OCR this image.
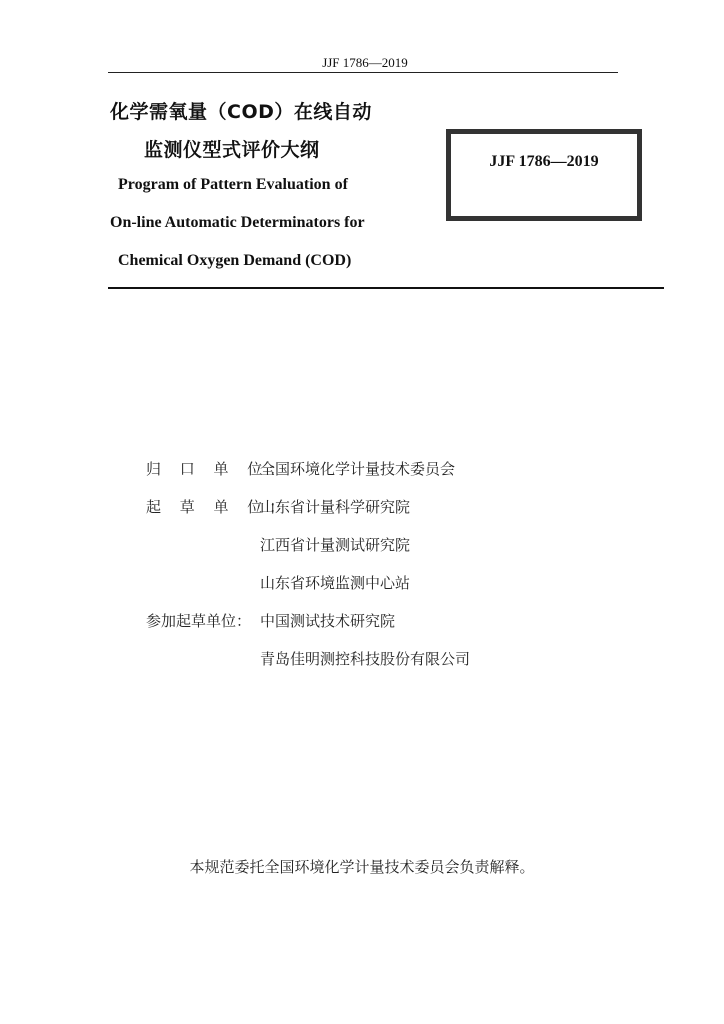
JJF 1786—2019
化学需氧量（COD）在线自动
监测仪型式评价大纲
Program of Pattern Evaluation of
On-line Automatic Determinators for
Chemical Oxygen Demand (COD)
JJF 1786—2019
归 口 单 位：
全国环境化学计量技术委员会
起 草 单 位：
山东省计量科学研究院
江西省计量测试研究院
山东省环境监测中心站
参加起草单位： 中国测试技术研究院
青岛佳明测控科技股份有限公司
本规范委托全国环境化学计量技术委员会负责解释。
